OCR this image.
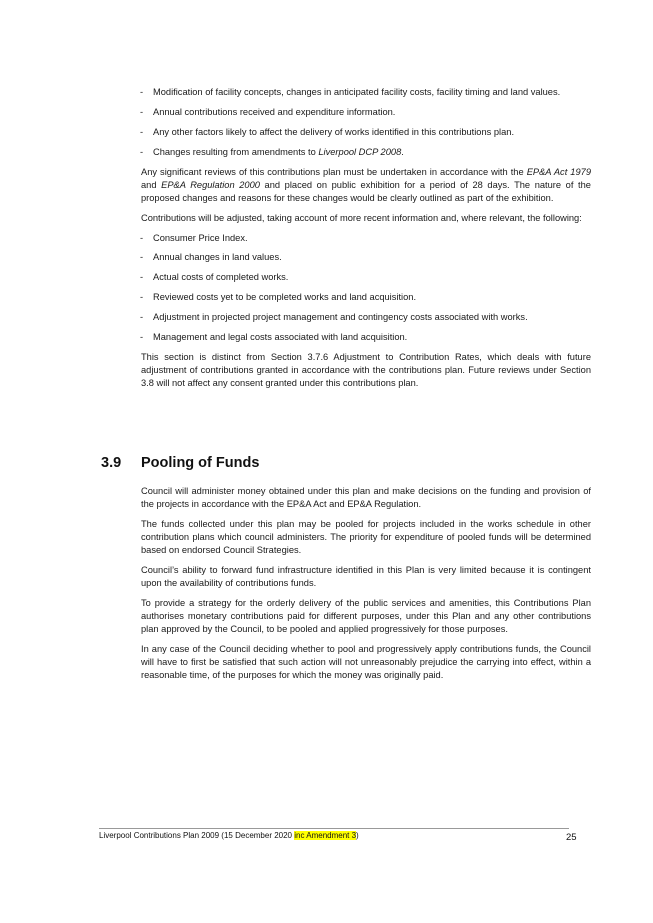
- Modification of facility concepts, changes in anticipated facility costs, facility timing and land values.
- Annual contributions received and expenditure information.
- Any other factors likely to affect the delivery of works identified in this contributions plan.
- Changes resulting from amendments to Liverpool DCP 2008.

Any significant reviews of this contributions plan must be undertaken in accordance with the EP&A Act 1979 and EP&A Regulation 2000 and placed on public exhibition for a period of 28 days. The nature of the proposed changes and reasons for these changes would be clearly outlined as part of the exhibition.

Contributions will be adjusted, taking account of more recent information and, where relevant, the following:

- Consumer Price Index.
- Annual changes in land values.
- Actual costs of completed works.
- Reviewed costs yet to be completed works and land acquisition.
- Adjustment in projected project management and contingency costs associated with works.
- Management and legal costs associated with land acquisition.

This section is distinct from Section 3.7.6 Adjustment to Contribution Rates, which deals with future adjustment of contributions granted in accordance with the contributions plan. Future reviews under Section 3.8 will not affect any consent granted under this contributions plan.

3.9 Pooling of Funds

Council will administer money obtained under this plan and make decisions on the funding and provision of the projects in accordance with the EP&A Act and EP&A Regulation.

The funds collected under this plan may be pooled for projects included in the works schedule in other contribution plans which council administers. The priority for expenditure of pooled funds will be determined based on endorsed Council Strategies.

Council’s ability to forward fund infrastructure identified in this Plan is very limited because it is contingent upon the availability of contributions funds.

To provide a strategy for the orderly delivery of the public services and amenities, this Contributions Plan authorises monetary contributions paid for different purposes, under this Plan and any other contributions plan approved by the Council, to be pooled and applied progressively for those purposes.

In any case of the Council deciding whether to pool and progressively apply contributions funds, the Council will have to first be satisfied that such action will not unreasonably prejudice the carrying into effect, within a reasonable time, of the purposes for which the money was originally paid.

Liverpool Contributions Plan 2009 (15 December 2020 inc Amendment 3)	25
